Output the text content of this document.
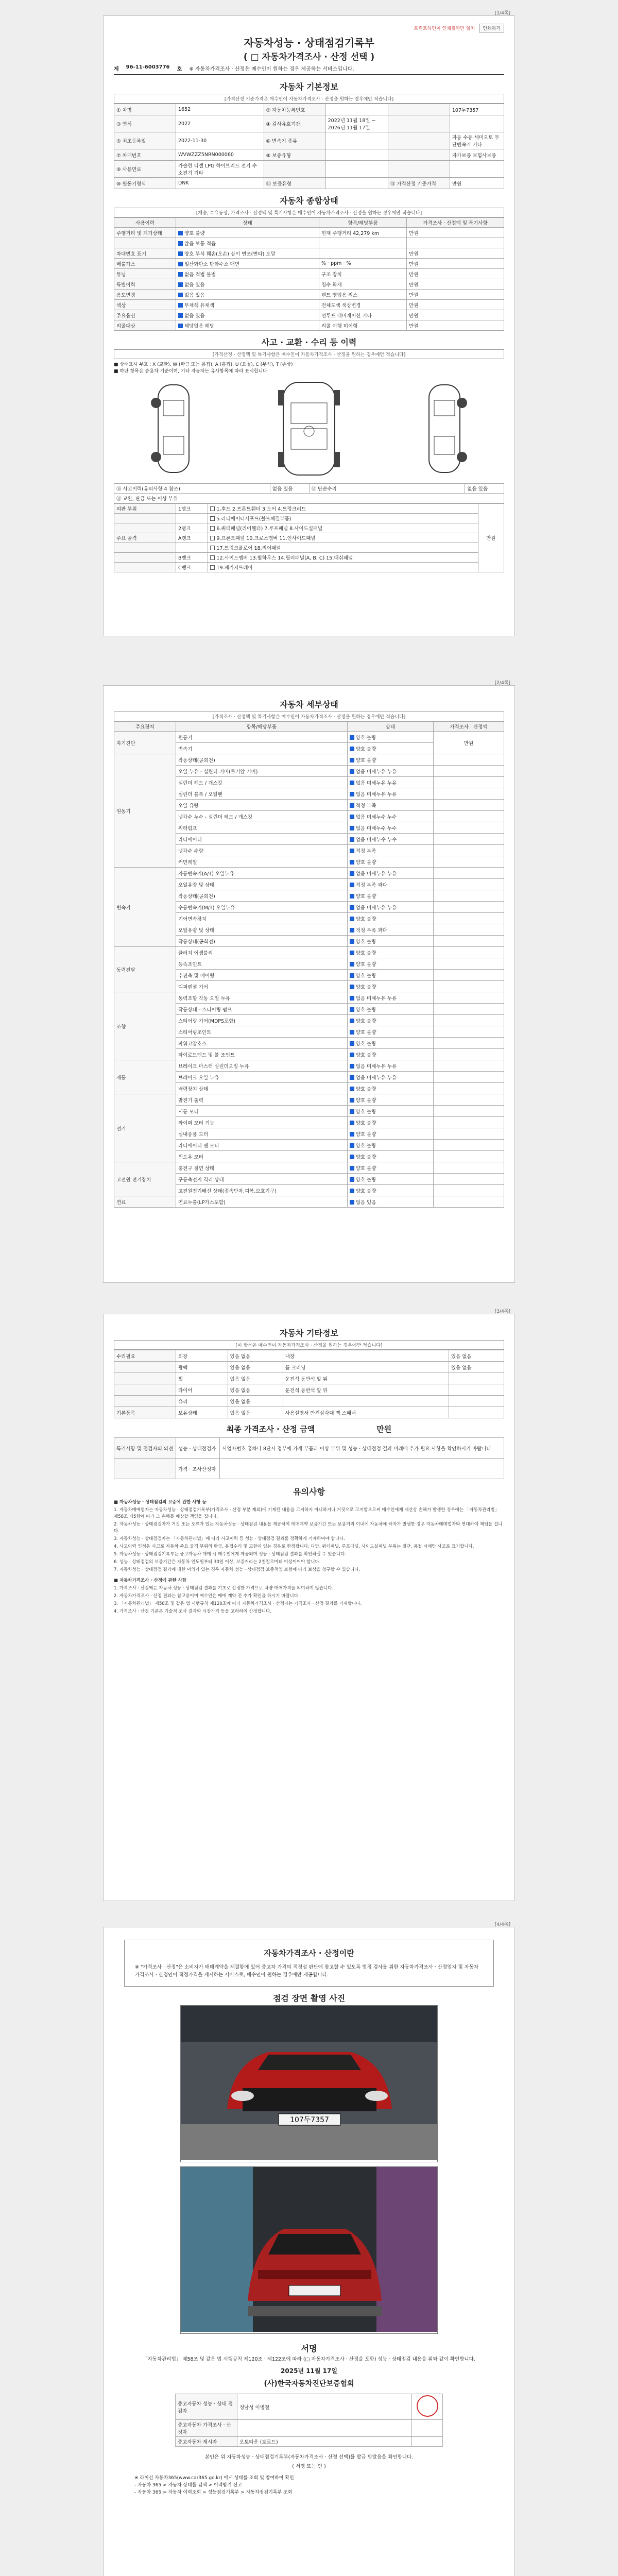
[1/4쪽]
프린트하면이 인쇄절까면 일치	인쇄하기
자동차성능 · 상태점검기록부
( □ 자동차가격조사 · 산정 선택 )
제 96-11-6003776 호 ※ 자동차가격조사 · 산정은 매수인이 원하는 경우 제공하는 서비스입니다.
자동차 기본정보
[가격산정 기준가격은 매수인이 자동차가격조사 · 산정을 원하는 경우에만 적습니다]
① 차명	1652	② 자동차등록번호			107두7357
③ 연식	2022	④ 검사유효기간	2022년 11월 18일 ~ 2026년 11월 17일		
⑤ 최초등록일	2022-11-30	⑥ 변속기 종류			자동 수동 세미오토 무단변속기 기타
⑦ 차대번호	WVWZZZ5NRN000060	⑧ 보증유형			자가보증 보험사보증
⑨ 사용연료	가솔린 디젤 LPG 하이브리드 전기 수소전기 기타				
⑩ 원동기형식	DNK	⑪ 보증유형		⑫ 가격산정 기준가격	만원
자동차 종합상태
[계승, 부유동장, 가격조사 · 산정액 및 특기사항은 매수인이 자동차가격조사 · 산정을 원하는 경우에만 적습니다]
사용이력	상태	항목/해당부품	가격조사 · 산정액 및 특기사항
주행거리 및 계기상태	양호 불량	현재 주행거리 42,279 km	만원
	많음 보통 적음		
차대번호 표기	양호 부식 훼손(오손) 상이 변조(변타) 도말		만원
배출가스	일산화탄소 탄화수소 매연	% · ppm · %	만원
튜닝	없음 적법 불법	구조 장치	만원
특별이력	없음 있음	침수 화재	만원
용도변경	없음 있음	렌트 영업용 리스	만원
색상	무채색 유채색	전체도색 색상변경	만원
주요옵션	없음 있음	선루프 내비게이션 기타	만원
리콜대상	해당없음 해당	리콜 이행 미이행	만원
사고 · 교환 · 수리 등 이력
[가격산정 · 산정액 및 특기사항은 매수인이 자동차가격조사 · 산정을 원하는 경우에만 적습니다]
■ 상태표시 부호 : X (교환), W (판금 또는 용접), A (흠집), U (요철), C (부식), T (손상)
■ 하단 항목은 승용차 기준이며, 기타 자동차는 유사항목에 따라 표시합니다
⑮ 사고이력(유의사항 4 참조)	없음 있음	⑯ 단순수리	없음 있음
⑰ 교환, 판금 또는 이상 부위
외판 부위	1랭크	1.후드 2.프론트휀더 3.도어 4.트렁크리드	만원
		5.라디에이터서포트(볼트체결부품)	
	2랭크	6.쿼터패널(리어휀더) 7.루프패널 8.사이드실패널	
주요 골격	A랭크	9.프론트패널 10.크로스멤버 11.인사이드패널	
		17.트렁크플로어 18.리어패널	
	B랭크	12.사이드멤버 13.휠하우스 14.필러패널(A, B, C) 15.대쉬패널	
	C랭크	19.패키지트레이	
[2/4쪽]
자동차 세부상태
[가격조사 · 산정액 및 특기사항은 매수인이 자동차가격조사 · 산정을 원하는 경우에만 적습니다]
주요장치	항목/해당부품	상태	가격조사 · 산정액
자기진단	원동기	양호 불량	만원
	변속기	양호 불량	
원동기	작동상태(공회전)	양호 불량	
	오일 누유 - 실린더 커버(로커암 커버)	없음 미세누유 누유	
	실린더 헤드 / 개스킷	없음 미세누유 누유	
	실린더 블록 / 오일팬	없음 미세누유 누유	
	오일 유량	적정 부족	
	냉각수 누수 - 실린더 헤드 / 개스킷	없음 미세누수 누수	
	워터펌프	없음 미세누수 누수	
	라디에이터	없음 미세누수 누수	
	냉각수 수량	적정 부족	
	커먼레일	양호 불량	
변속기	자동변속기(A/T) 오일누유	없음 미세누유 누유	
	오일유량 및 상태	적정 부족 과다	
	작동상태(공회전)	양호 불량	
	수동변속기(M/T) 오일누유	없음 미세누유 누유	
	기어변속장치	양호 불량	
	오일유량 및 상태	적정 부족 과다	
	작동상태(공회전)	양호 불량	
동력전달	클러치 어셈블리	양호 불량	
	등속조인트	양호 불량	
	추진축 및 베어링	양호 불량	
	디퍼렌셜 기어	양호 불량	
조향	동력조향 작동 오일 누유	없음 미세누유 누유	
	작동상태 - 스티어링 펌프	양호 불량	
	스티어링 기어(MDPS포함)	양호 불량	
	스티어링조인트	양호 불량	
	파워고압호스	양호 불량	
	타이로드엔드 및 볼 조인트	양호 불량	
제동	브레이크 마스터 실린더오일 누유	없음 미세누유 누유	
	브레이크 오일 누유	없음 미세누유 누유	
	배력장치 상태	양호 불량	
전기	발전기 출력	양호 불량	
	시동 모터	양호 불량	
	와이퍼 모터 기능	양호 불량	
	실내송풍 모터	양호 불량	
	라디에이터 팬 모터	양호 불량	
	윈도우 모터	양호 불량	
고전원 전기장치	충전구 절연 상태	양호 불량	
	구동축전지 격리 상태	양호 불량	
	고전원전기배선 상태(접속단자,피복,보호기구)	양호 불량	
연료	연료누출(LP가스포함)	없음 있음	
[3/4쪽]
자동차 기타정보
[이 항목은 매수인이 자동차가격조사 · 산정을 원하는 경우에만 적습니다]
수리필요	외장	있음 없음	내장	있음 없음
	광택	있음 없음	룸 크리닝	있음 없음
	휠	있음 없음	운전석 동반석 앞 뒤	
	타이어	있음 없음	운전석 동반석 앞 뒤	
	유리	있음 없음		
기본품목	보유상태	있음 없음	사용설명서 안전삼각대 잭 스패너	
최종 가격조사 · 산정 금액	만원
특기사항 및 점검자의 의견	성능 · 상태점검자	사업자번호 홍차나 8단서 정부에 가게 부품과 이상 부위 및 성능 · 상태점검 결과 미래에 추가 필요 사항을 확인하시기 바랍니다
	가격 · 조사산정자	
유의사항

■ 자동차성능 · 상태점검의 보증에 관한 사항 등

1. 자동차매매업자는 자동차성능 · 상태점검기록부(가격조사 · 산정 부분 제외)에 기재된 내용을 고지하지 아니하거나 거짓으로 고지함으로써 매수인에게 재산상 손해가 발생한 경우에는 「자동차관리법」 제58조 제5항에 따라 그 손해를 배상할 책임을 집니다.

2. 자동차성능 · 상태점검자가 거짓 또는 오류가 있는 자동차성능 · 상태점검 내용을 제공하여 매매계약 보증기간 또는 보증거리 이내에 자동차에 하자가 발생한 경우 자동차매매업자와 연대하여 책임을 집니다.

3. 자동차성능 · 상태점검자는 「자동차관리법」에 따라 사고이력 등 성능 · 상태점검 결과를 정확하게 기재하여야 합니다.

4. 사고이력 인정은 사고로 자동차 주요 골격 부위의 판금, 용접수리 및 교환이 있는 경우로 한정합니다. 다만, 쿼터패널, 루프패널, 사이드실패널 부위는 절단, 용접 시에만 사고로 표기합니다.

5. 자동차성능 · 상태점검기록부는 중고자동차 매매 시 매수인에게 제공되며 성능 · 상태점검 결과를 확인하실 수 있습니다.

6. 성능 · 상태점검의 보증기간은 자동차 인도일부터 30일 이상, 보증거리는 2천킬로미터 이상이어야 합니다.

7. 자동차성능 · 상태점검 결과에 대한 이의가 있는 경우 자동차 성능 · 상태점검 보증책임 보험에 따라 보상을 청구할 수 있습니다.

■ 자동차가격조사 · 산정에 관한 사항

1. 가격조사 · 산정액은 자동차 성능 · 상태점검 결과를 기초로 산정한 가격으로 차량 매매가격을 의미하지 않습니다.

2. 자동차가격조사 · 산정 결과는 참고용이며 매수인은 매매 계약 전 추가 확인을 하시기 바랍니다.

3. 「자동차관리법」 제58조 및 같은 법 시행규칙 제120조에 따라 자동차가격조사 · 산정자는 가격조사 · 산정 결과를 기재합니다.

4. 가격조사 · 산정 기준은 기술적 조사 결과와 시장가격 등을 고려하여 산정합니다.

[4/4쪽]
자동차가격조사 · 산정이란
※ "가격조사 · 산정"은 소비자가 매매계약을 체결함에 있어 중고차 가격의 적정성 판단에 참고할 수 있도록 법정 검사를 위한 자동차가격조사 · 산정업자 및 자동차가격조사 · 산정인이 적정가격을 제시하는 서비스로, 매수인이 원하는 경우에만 제공합니다.
점검 장면 촬영 사진
107두7357
서명
「자동차관리법」 제58조 및 같은 법 시행규칙 제120조 · 제122조에 따라 (□ 자동차가격조사 · 산정을 포함) 성능 · 상태점검 내용을 위와 같이 확인합니다.
2025년 11월 17일
(사)한국자동차진단보증협회
중고자동차 성능 · 상태 점검자	정남성 이병철	
중고자동차 가격조사 · 산정자		
중고자동차 제시자	오토타운 (토르드)	
본인은 위 자동차성능 · 상태점검기록부(자동차가격조사 · 산정 선택)를 발급 받았음을 확인합니다.
( 서명 또는 인 )
※ 라이선 자동차365(www.car365.go.kr) 에서 상태를 조회 및 참여하여 확인
- 자동차 365 > 자동차 상태를 검색 > 이력받기 신고
- 자동차 365 > 자동차 이력조회 > 성능점검기록부 > 자동차점검기록부 조회
